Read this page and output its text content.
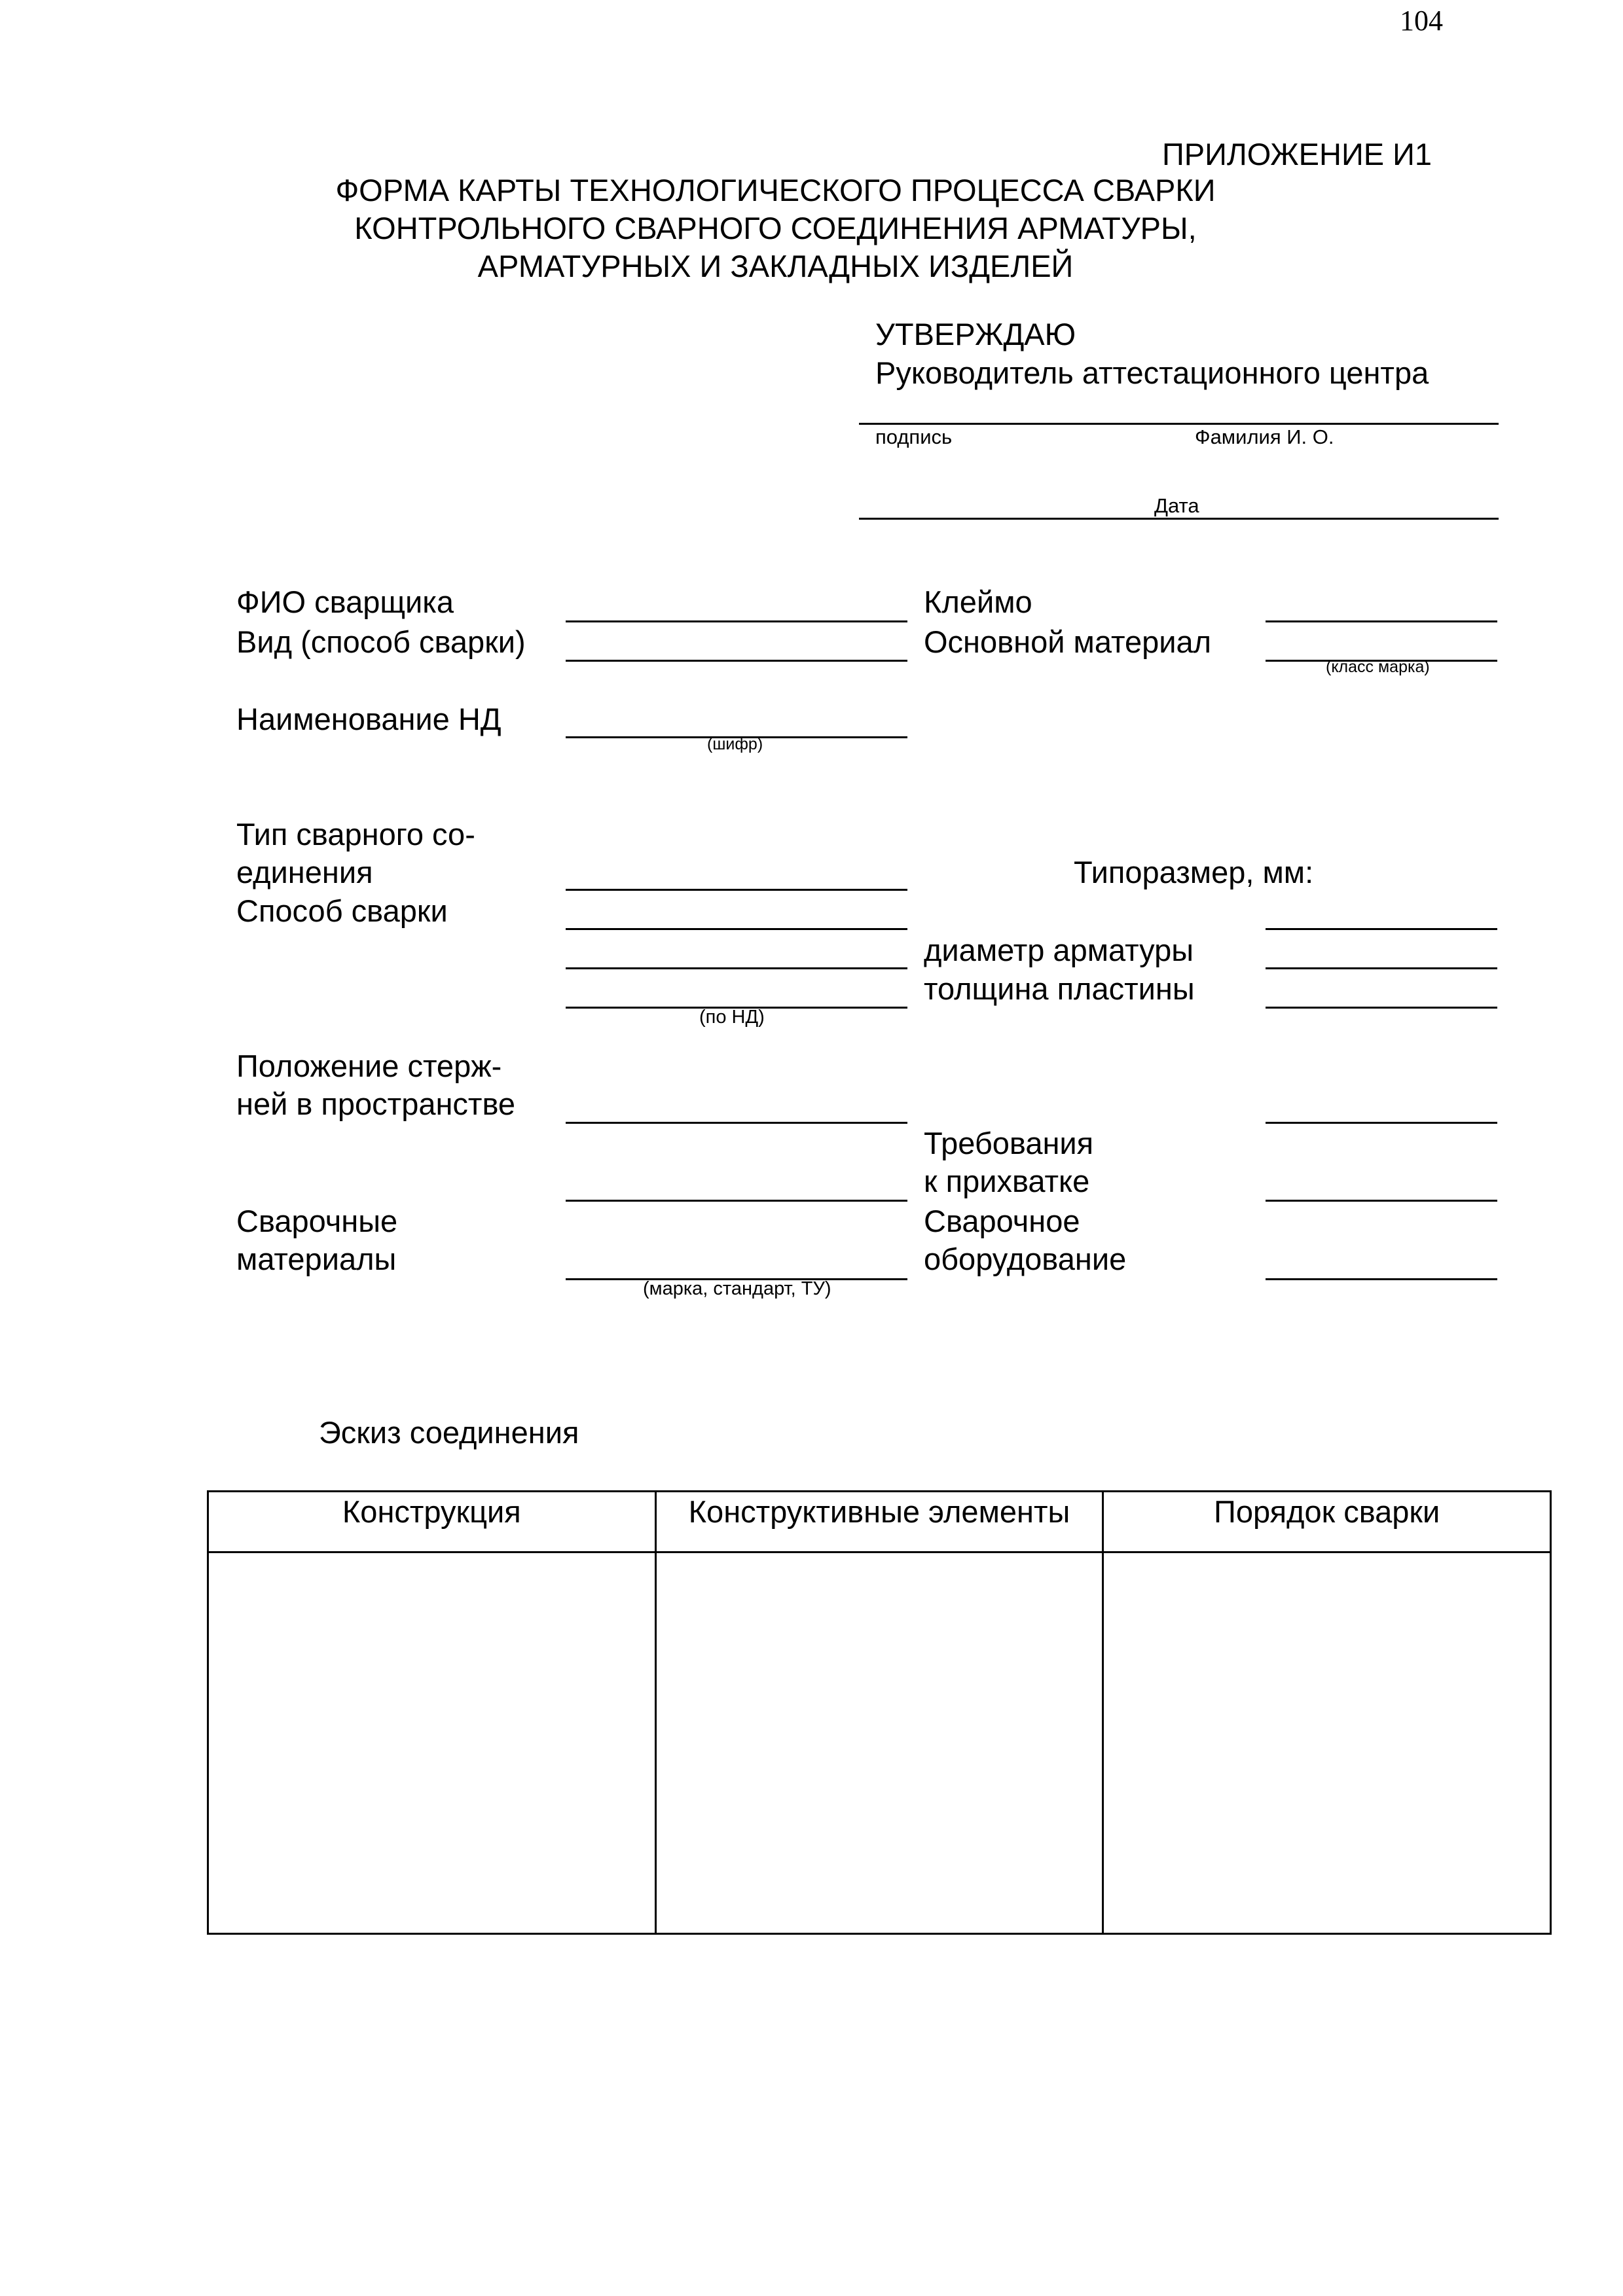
104
ПРИЛОЖЕНИЕ И1
ФОРМА КАРТЫ ТЕХНОЛОГИЧЕСКОГО ПРОЦЕССА СВАРКИ
КОНТРОЛЬНОГО СВАРНОГО СОЕДИНЕНИЯ АРМАТУРЫ,
АРМАТУРНЫХ И ЗАКЛАДНЫХ ИЗДЕЛЕЙ
УТВЕРЖДАЮ
Руководитель аттестационного центра
подпись	Фамилия И. О.
Дата
ФИО сварщика	Клеймо
Вид (способ сварки)	Основной материал
(класс марка)
Наименование НД
(шифр)
Тип сварного со-
единения	Типоразмер, мм:
Способ сварки
диаметр арматуры
толщина пластины
(по НД)
Положение стерж-
ней в пространстве
Требования
к прихватке
Сварочные
материалы
(марка, стандарт, ТУ)
Сварочное
оборудование
Эскиз соединения
Конструкция	Конструктивные элементы	Порядок сварки
